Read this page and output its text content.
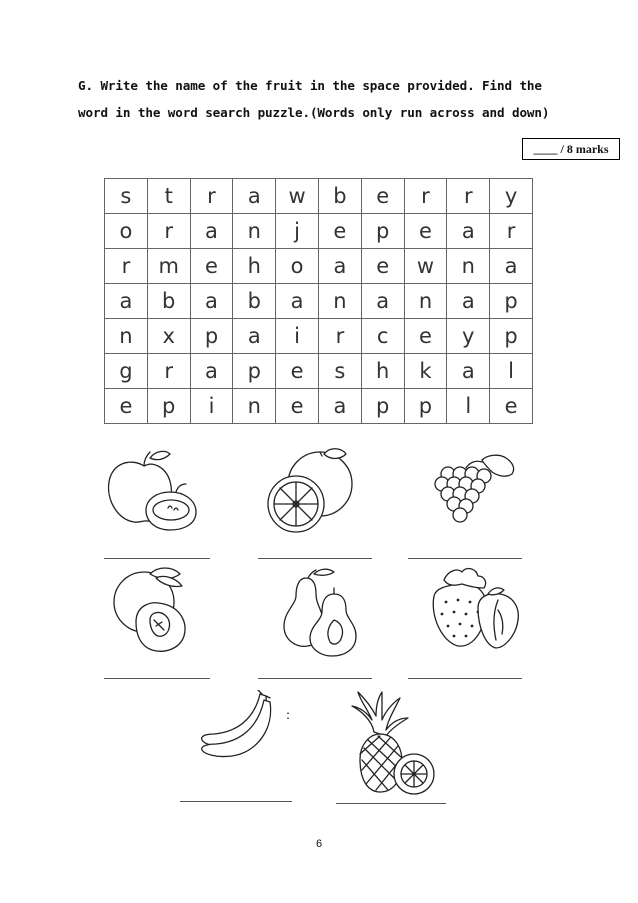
G. Write the name of the fruit in the space provided. Find the
word in the word search puzzle.(Words only run across and down)
____ / 8 marks
s	t	r	a	w	b	e	r	r	y
o	r	a	n	j	e	p	e	a	r
r	m	e	h	o	a	e	w	n	a
a	b	a	b	a	n	a	n	a	p
n	x	p	a	i	r	c	e	y	p
g	r	a	p	e	s	h	k	a	l
e	p	i	n	e	a	p	p	l	e
:
6
